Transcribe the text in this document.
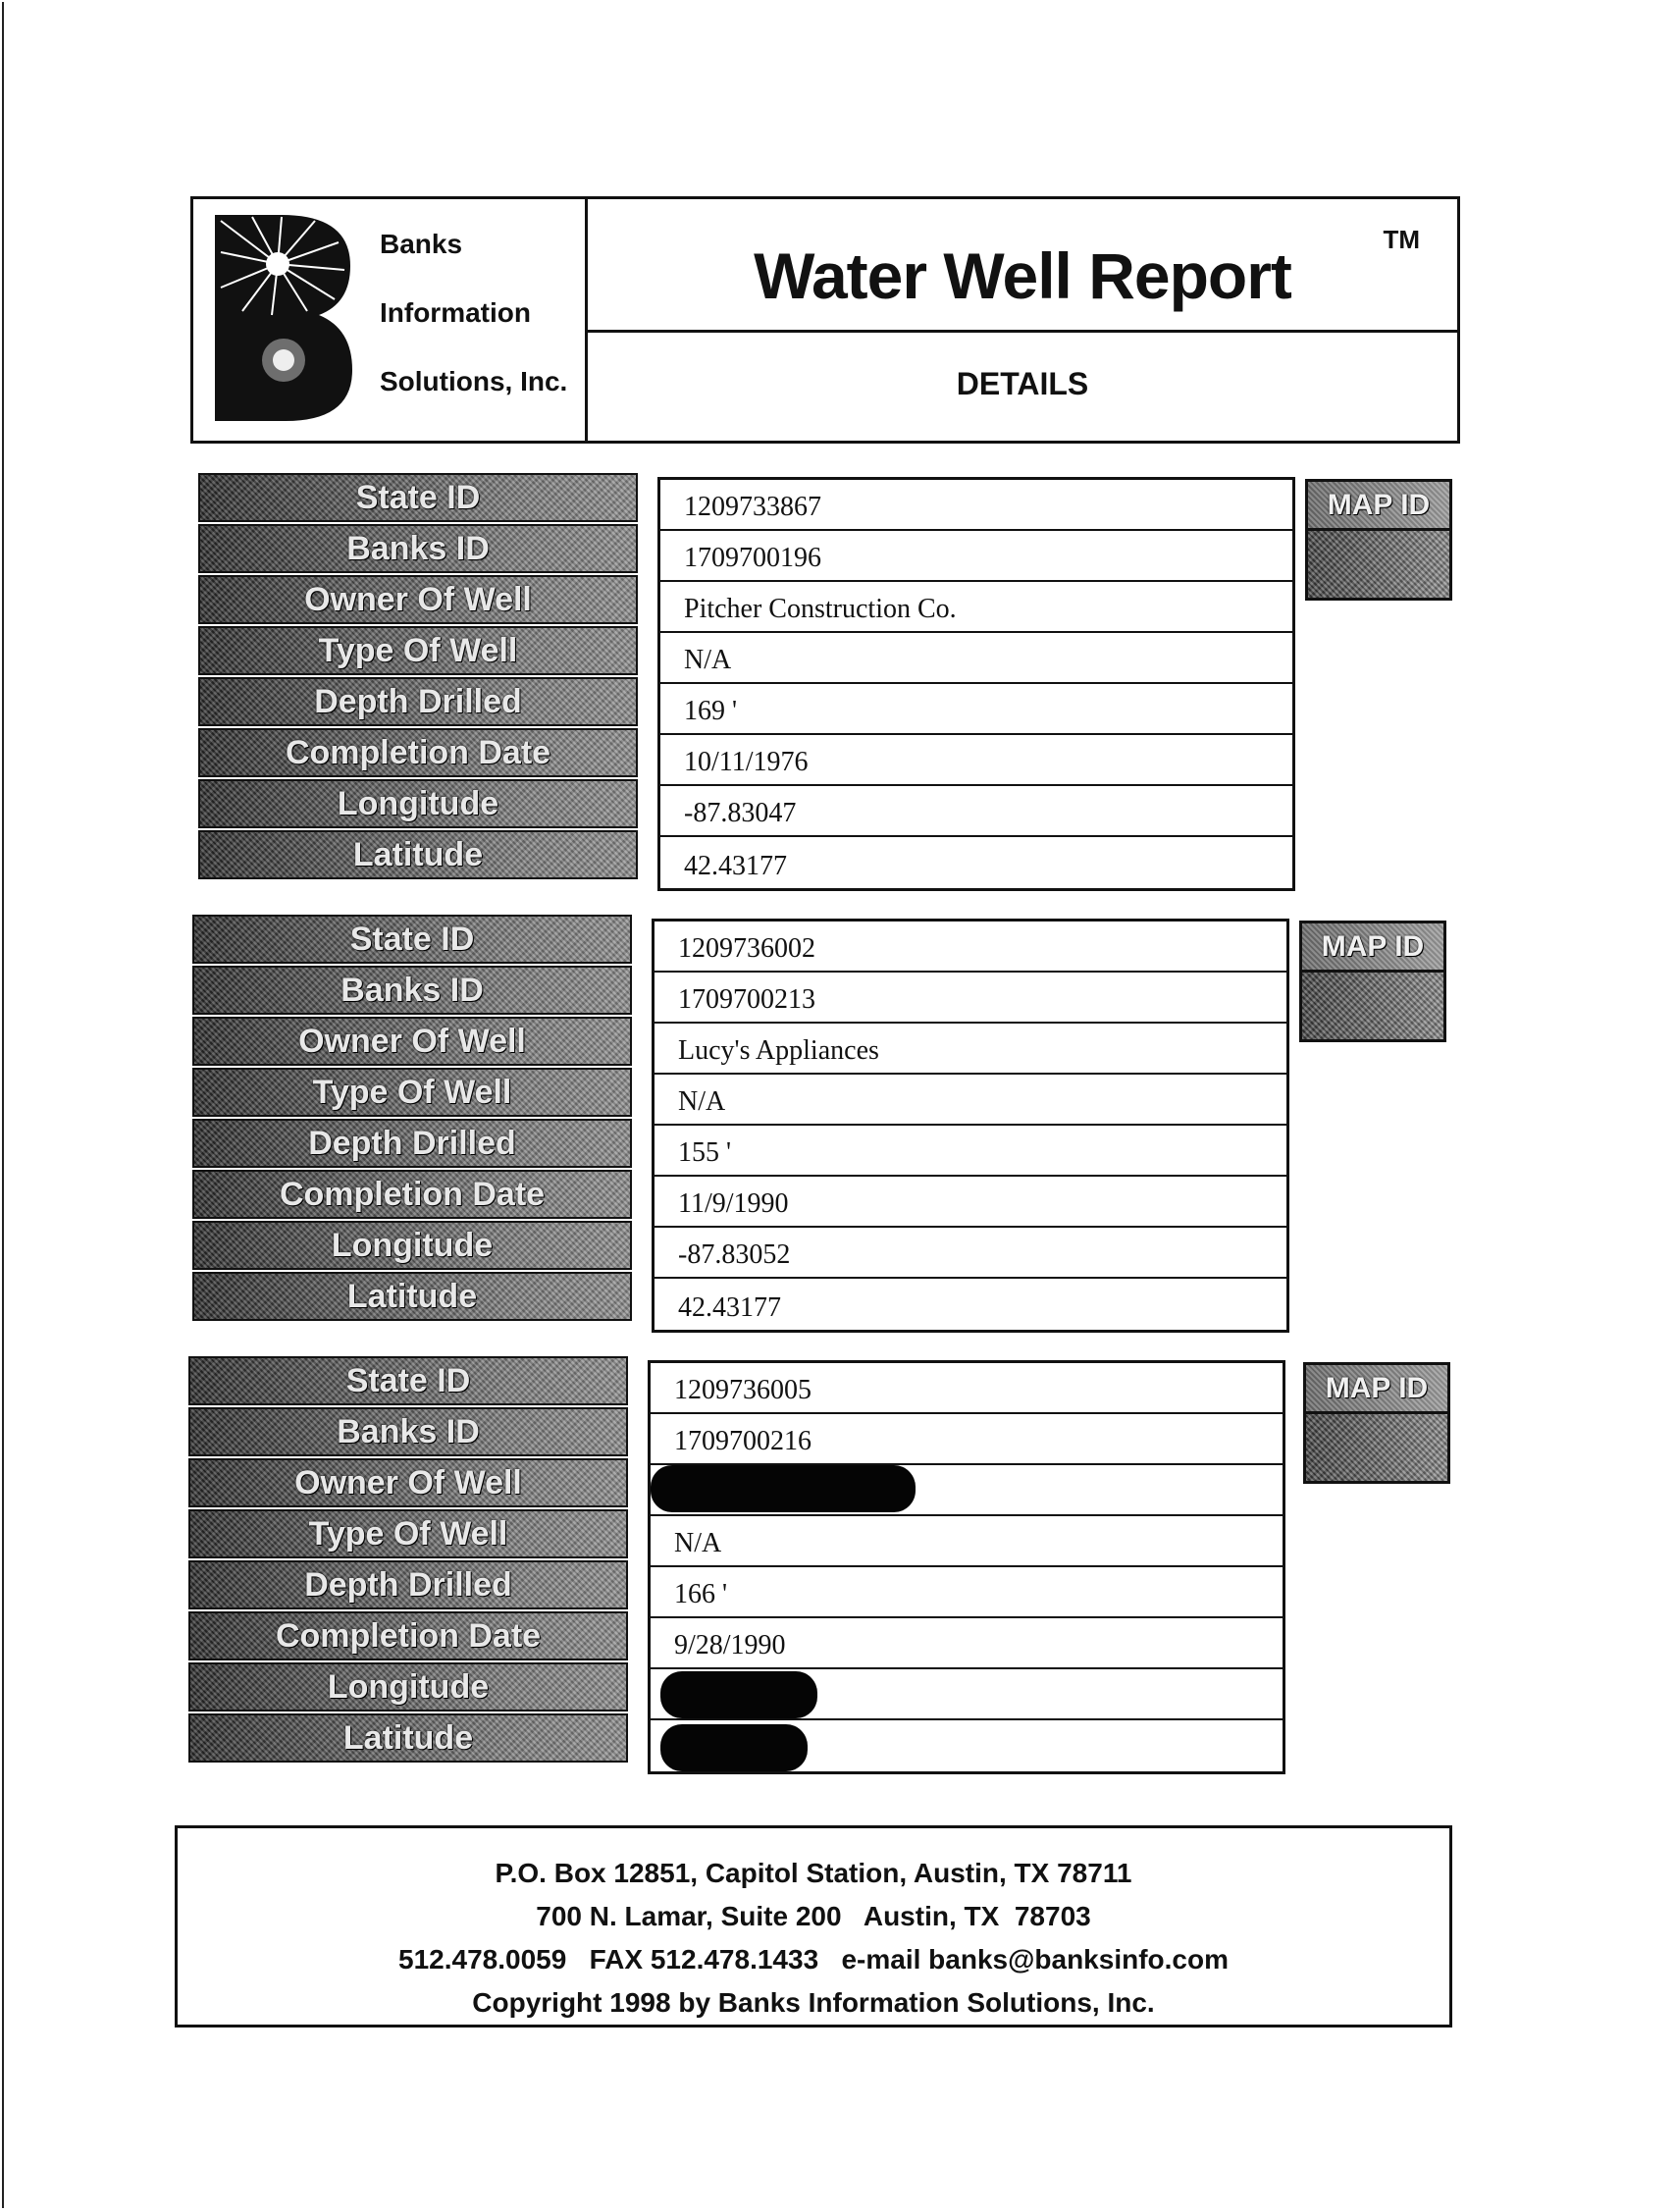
Banks
Information
Solutions, Inc.
Water Well Report	TM
DETAILS
State ID
Banks ID
Owner Of Well
Type Of Well
Depth Drilled
Completion Date
Longitude
Latitude
1209733867
1709700196
Pitcher Construction Co.
N/A
169 '
10/11/1976
-87.83047
42.43177
MAP ID
State ID
Banks ID
Owner Of Well
Type Of Well
Depth Drilled
Completion Date
Longitude
Latitude
1209736002
1709700213
Lucy's Appliances
N/A
155 '
11/9/1990
-87.83052
42.43177
MAP ID
State ID
Banks ID
Owner Of Well
Type Of Well
Depth Drilled
Completion Date
Longitude
Latitude
1209736005
1709700216
N/A
166 '
9/28/1990
MAP ID
P.O. Box 12851, Capitol Station, Austin, TX 78711
700 N. Lamar, Suite 200   Austin, TX  78703
512.478.0059   FAX 512.478.1433   e-mail banks@banksinfo.com
Copyright 1998 by Banks Information Solutions, Inc.
